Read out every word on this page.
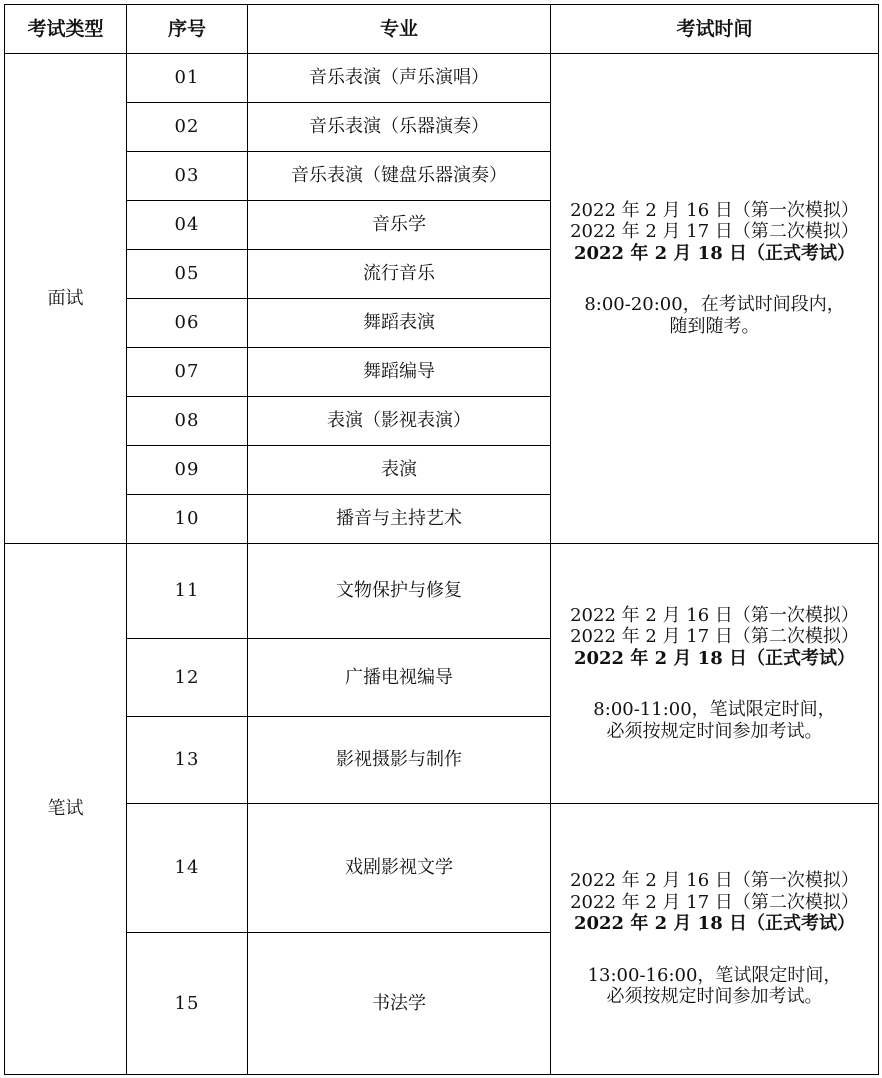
考试类型	序号	专业	考试时间
面试	01	音乐表演（声乐演唱）	2022 年 2 月 16 日（第一次模拟）
2022 年 2 月 17 日（第二次模拟）
2022 年 2 月 18 日（正式考试）
8:00-20:00，在考试时间段内，
随到随考。

	02	音乐表演（乐器演奏）	
	03	音乐表演（键盘乐器演奏）	
	04	音乐学	
	05	流行音乐	
	06	舞蹈表演	
	07	舞蹈编导	
	08	表演（影视表演）	
	09	表演	
	10	播音与主持艺术	
笔试	11	文物保护与修复	2022 年 2 月 16 日（第一次模拟）
2022 年 2 月 17 日（第二次模拟）
2022 年 2 月 18 日（正式考试）
8:00-11:00，笔试限定时间，
必须按规定时间参加考试。

	12	广播电视编导	
	13	影视摄影与制作	
	14	戏剧影视文学	2022 年 2 月 16 日（第一次模拟）
2022 年 2 月 17 日（第二次模拟）
2022 年 2 月 18 日（正式考试）
13:00-16:00，笔试限定时间，
必须按规定时间参加考试。

	15	书法学	
